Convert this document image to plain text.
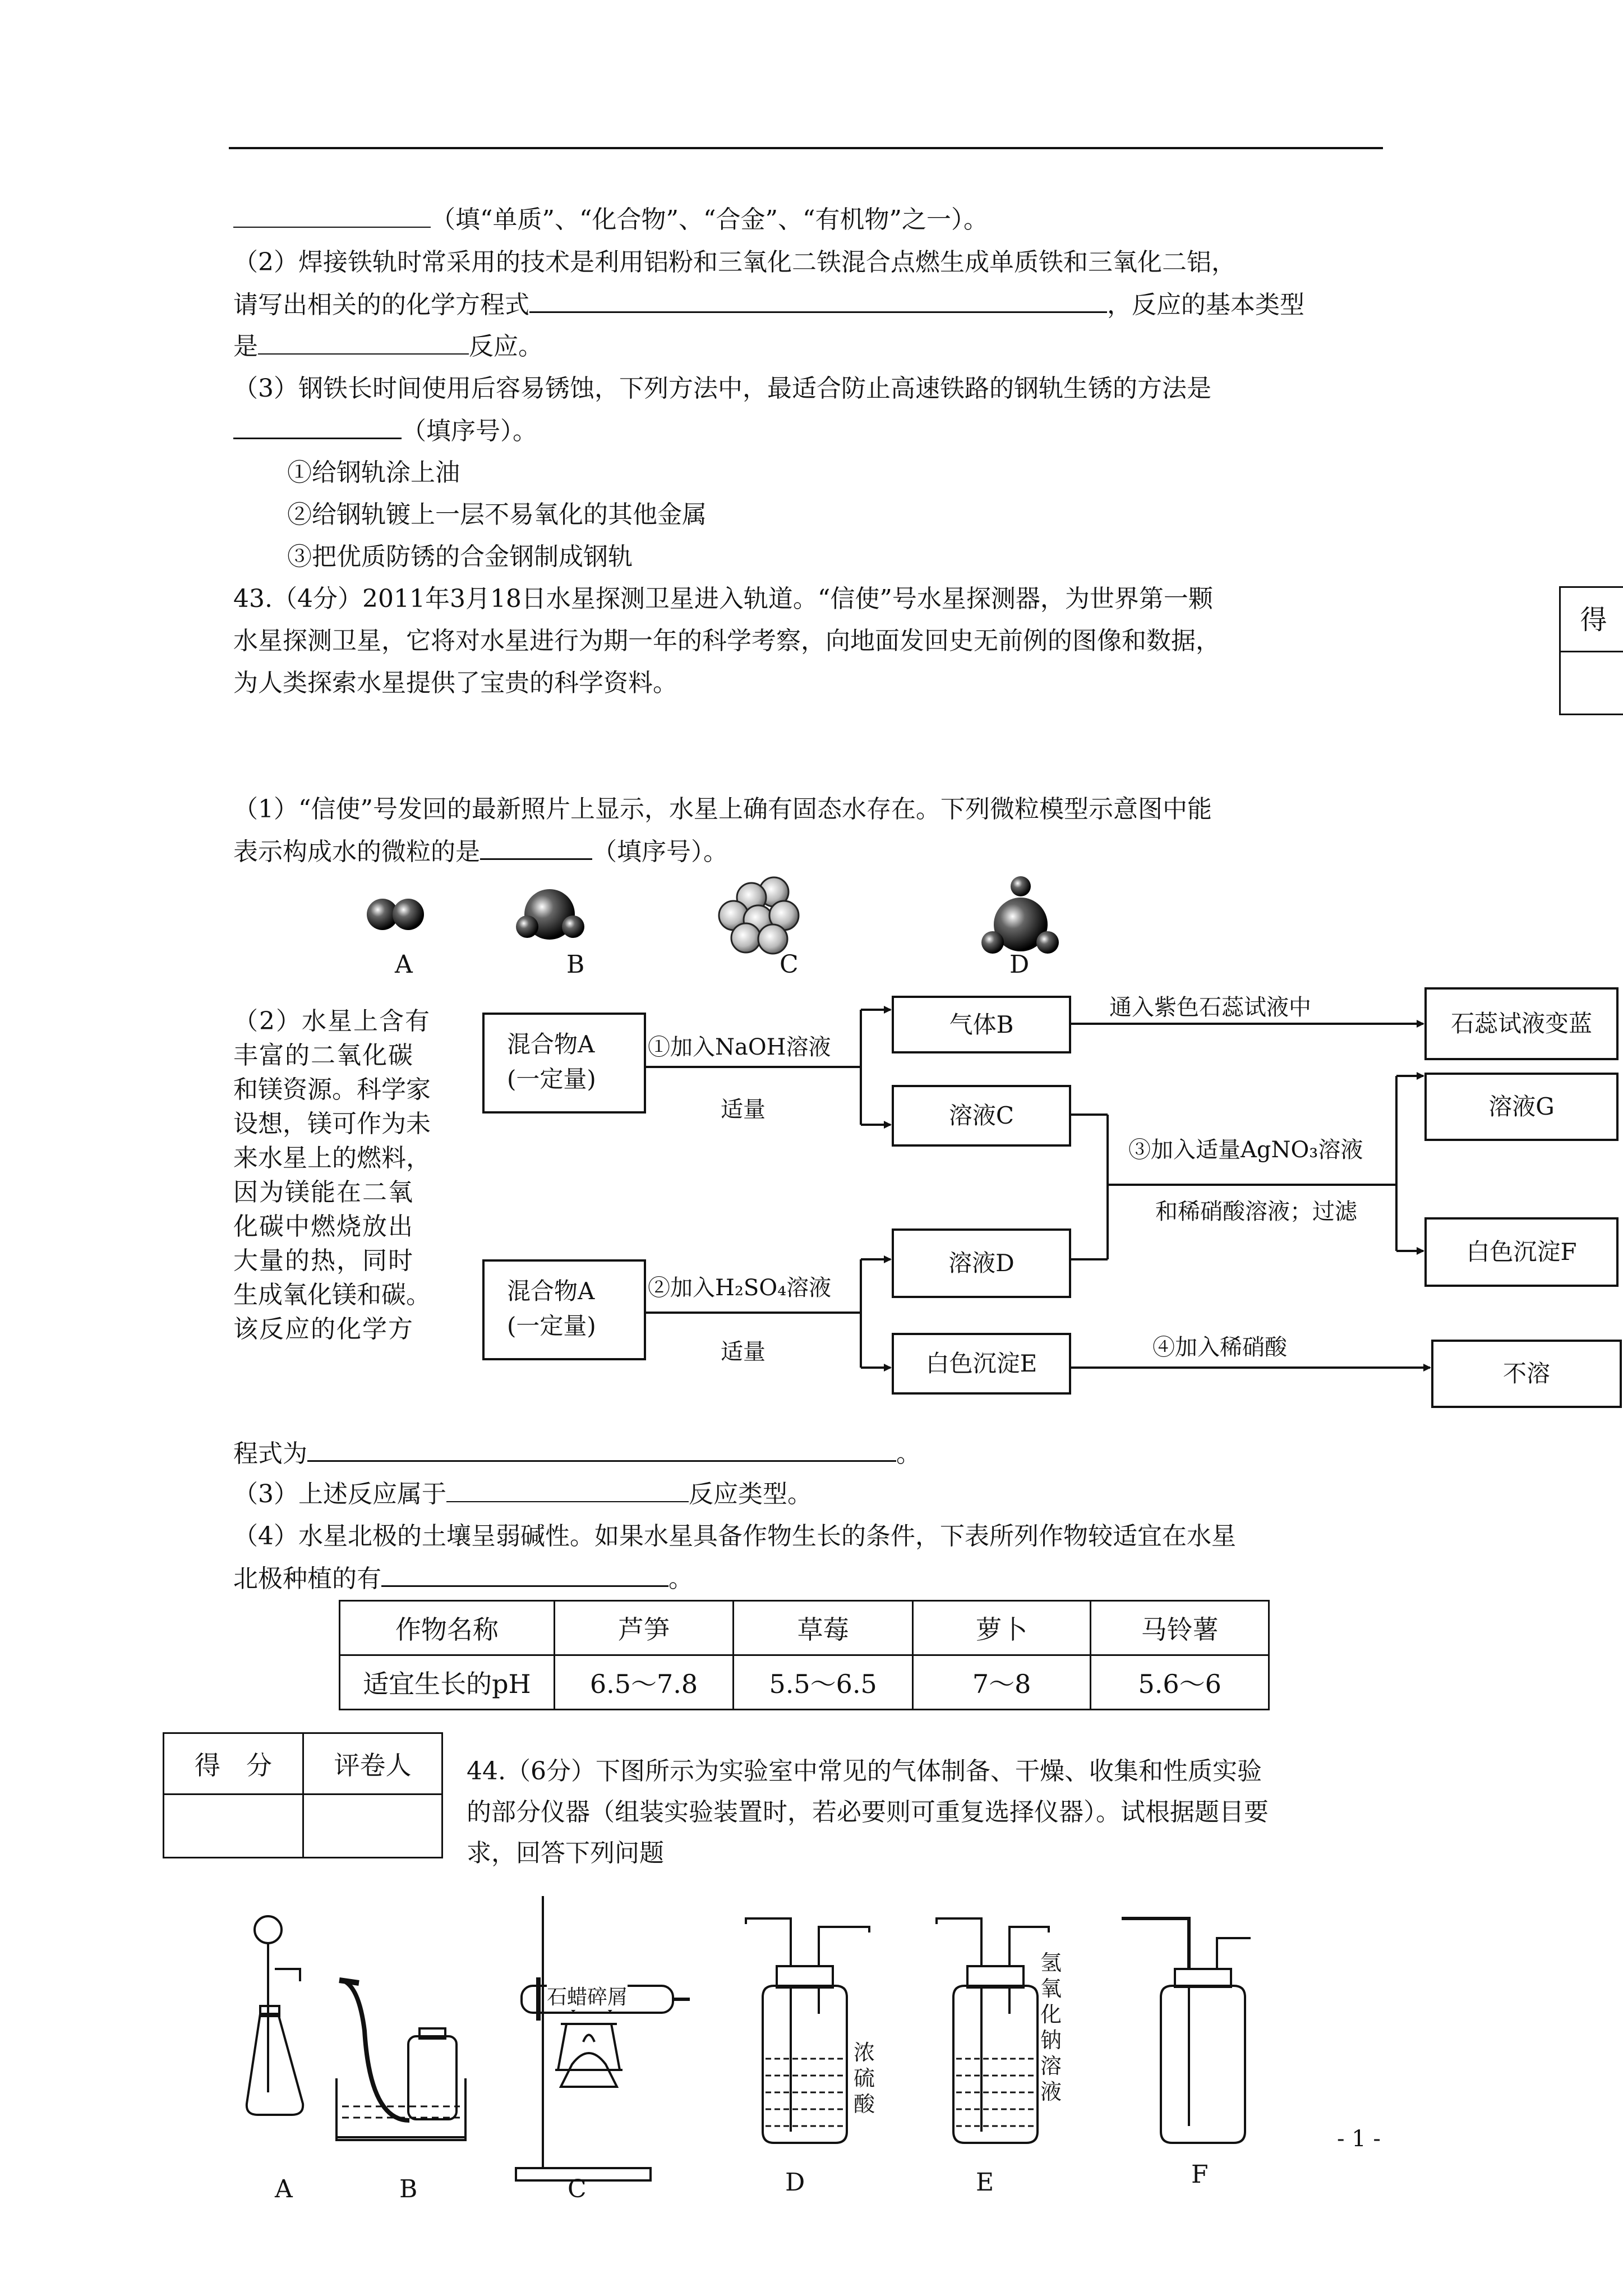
（填“单质”、“化合物”、“合金”、“有机物”之一）。
（2）焊接铁轨时常采用的技术是利用铝粉和三氧化二铁混合点燃生成单质铁和三氧化二铝，
请写出相关的的化学方程式	，反应的基本类型
是	反应。
（3）钢铁长时间使用后容易锈蚀，下列方法中，最适合防止高速铁路的钢轨生锈的方法是
（填序号）。
①给钢轨涂上油
②给钢轨镀上一层不易氧化的其他金属
③把优质防锈的合金钢制成钢轨
43.（4分）2011年3月18日水星探测卫星进入轨道。“信使”号水星探测器，为世界第一颗
水星探测卫星，它将对水星进行为期一年的科学考察，向地面发回史无前例的图像和数据，
为人类探索水星提供了宝贵的科学资料。
得
（1）“信使”号发回的最新照片上显示，水星上确有固态水存在。下列微粒模型示意图中能
表示构成水的微粒的是	（填序号）。
A	B	C	D
（2）水星上含有
丰富的二氧化碳
和镁资源。科学家
设想，镁可作为未
来水星上的燃料，
因为镁能在二氧
化碳中燃烧放出
大量的热，同时
生成氧化镁和碳。
该反应的化学方
程式为	。
混合物A
(一定量)
混合物A
(一定量)
①加入NaOH溶液
适量
②加入H₂SO₄溶液
适量
③加入适量AgNO₃溶液
和稀硝酸溶液；过滤
④加入稀硝酸
通入紫色石蕊试液中
气体B
溶液C
溶液D
白色沉淀E
石蕊试液变蓝
溶液G
白色沉淀F
不溶
（3）上述反应属于	反应类型。
（4）水星北极的土壤呈弱碱性。如果水星具备作物生长的条件，下表所列作物较适宜在水星
北极种植的有	。
作物名称	芦笋	草莓	萝卜	马铃薯
适宜生长的pH	6.5～7.8	5.5～6.5	7～8	5.6～6
得　分	评卷人
	44.（6分）下图所示为实验室中常见的气体制备、干燥、收集和性质实验
的部分仪器（组装实验装置时，若必要则可重复选择仪器）。试根据题目要
求，回答下列问题
石蜡碎屑
浓
硫
酸
氢
氧
化
钠
溶
液
A	B	C	D	E	F
- 1 -
